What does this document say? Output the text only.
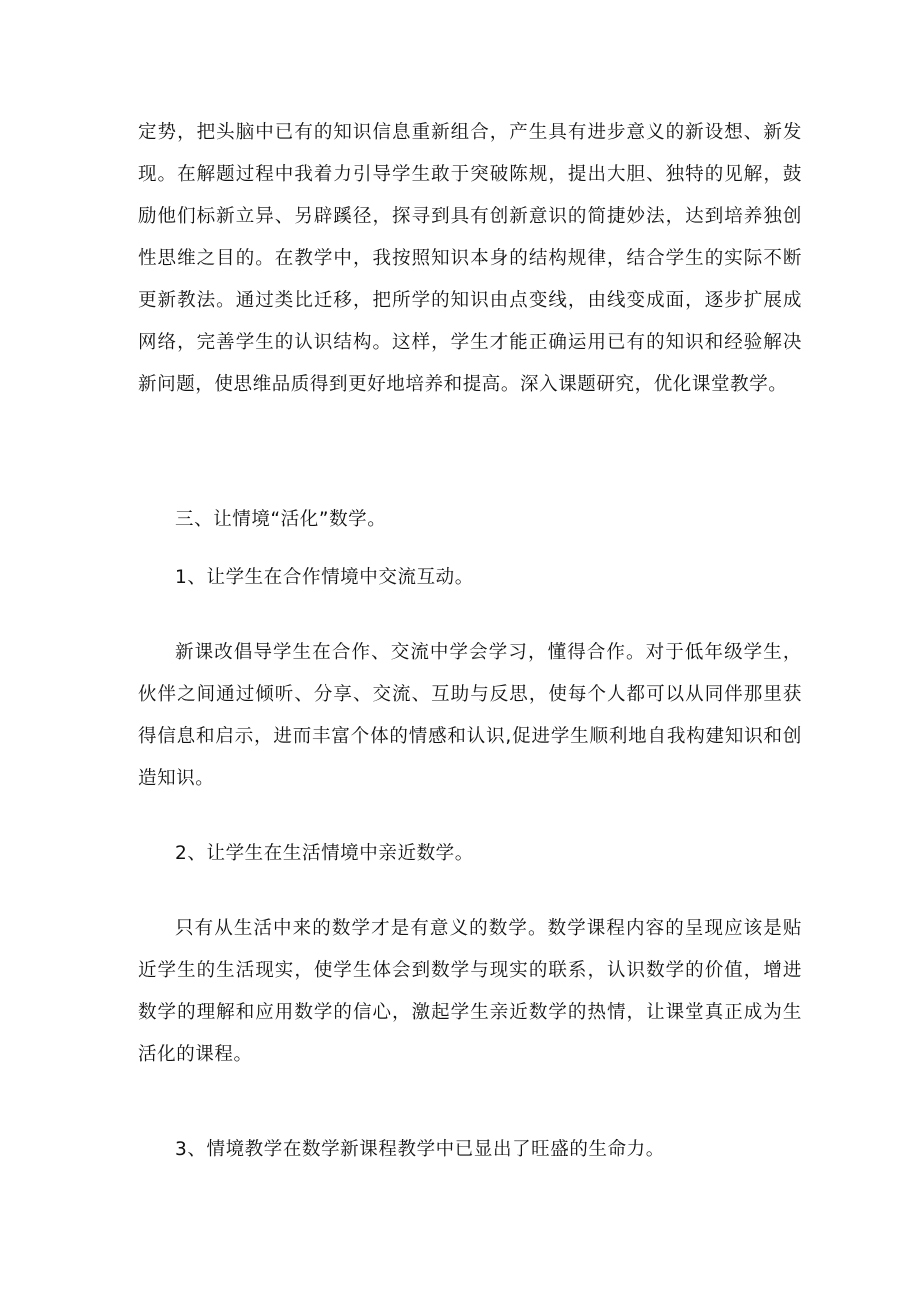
定势，把头脑中已有的知识信息重新组合，产生具有进步意义的新设想、新发现。在解题过程中我着力引导学生敢于突破陈规，提出大胆、独特的见解，鼓励他们标新立异、另辟蹊径，探寻到具有创新意识的简捷妙法，达到培养独创性思维之目的。在教学中，我按照知识本身的结构规律，结合学生的实际不断更新教法。通过类比迁移，把所学的知识由点变线，由线变成面，逐步扩展成网络，完善学生的认识结构。这样，学生才能正确运用已有的知识和经验解决新问题，使思维品质得到更好地培养和提高。深入课题研究，优化课堂教学。

三、让情境“活化”数学。

1、让学生在合作情境中交流互动。

新课改倡导学生在合作、交流中学会学习，懂得合作。对于低年级学生，伙伴之间通过倾听、分享、交流、互助与反思，使每个人都可以从同伴那里获得信息和启示，进而丰富个体的情感和认识,促进学生顺利地自我构建知识和创造知识。

2、让学生在生活情境中亲近数学。

只有从生活中来的数学才是有意义的数学。数学课程内容的呈现应该是贴近学生的生活现实，使学生体会到数学与现实的联系，认识数学的价值，增进数学的理解和应用数学的信心，激起学生亲近数学的热情，让课堂真正成为生活化的课程。

3、情境教学在数学新课程教学中已显出了旺盛的生命力。
